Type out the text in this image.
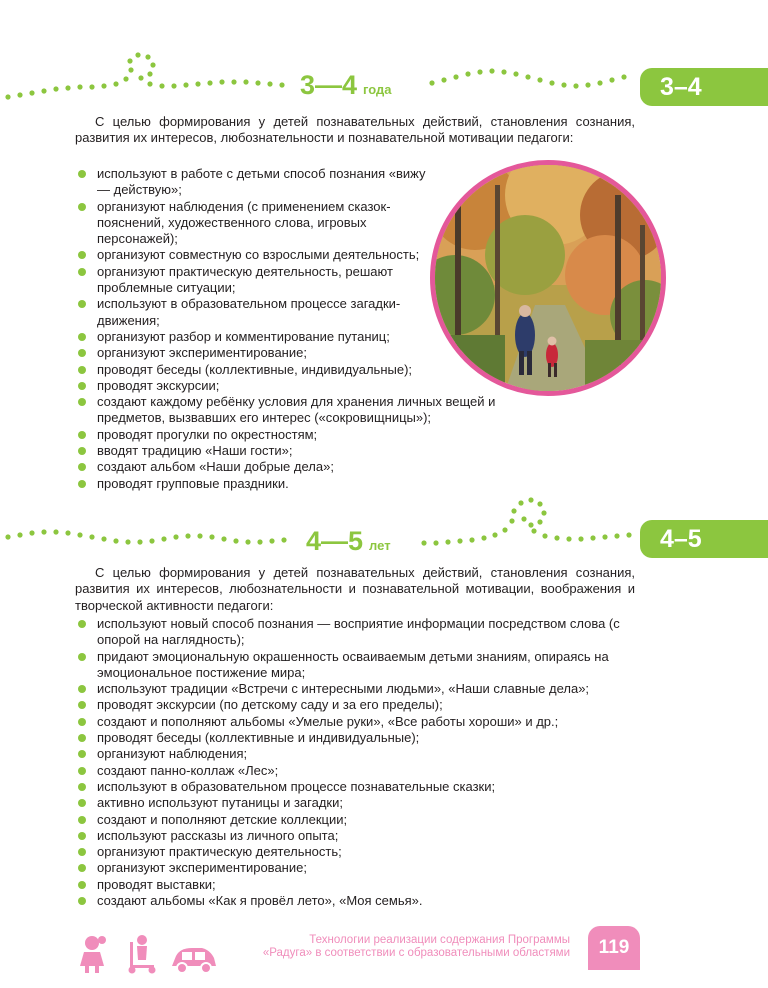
3—4 года	3–4

С целью формирования у детей познавательных действий, становления сознания, развития их интересов, любознательности и познавательной мотивации педагоги:

используют в работе с детьми способ познания «вижу — действую»;
организуют наблюдения (с применением сказок-пояснений, художественного слова, игровых персонажей);
организуют совместную со взрослыми деятельность;
организуют практическую деятельность, решают проблемные ситуации;
используют в образовательном процессе загадки-движения;
организуют разбор и комментирование путаниц;
организуют экспериментирование;
проводят беседы (коллективные, индивидуальные);
проводят экскурсии;
создают каждому ребёнку условия для хранения личных вещей и предметов, вызвавших его интерес («сокровищницы»);
проводят прогулки по окрестностям;
вводят традицию «Наши гости»;
создают альбом «Наши добрые дела»;
проводят групповые праздники.
4—5 лет	4–5

С целью формирования у детей познавательных действий, становления сознания, развития их интересов, любознательности и познавательной мотивации, воображения и творческой активности педагоги:

используют новый способ познания — восприятие информации посредством слова (с опорой на наглядность);
придают эмоциональную окрашенность осваиваемым детьми знаниям, опираясь на эмоциональное постижение мира;
используют традиции «Встречи с интересными людьми», «Наши славные дела»;
проводят экскурсии (по детскому саду и за его пределы);
создают и пополняют альбомы «Умелые руки», «Все работы хороши» и др.;
проводят беседы (коллективные и индивидуальные);
организуют наблюдения;
создают панно-коллаж «Лес»;
используют в образовательном процессе познавательные сказки;
активно используют путаницы и загадки;
создают и пополняют детские коллекции;
используют рассказы из личного опыта;
организуют практическую деятельность;
организуют экспериментирование;
проводят выставки;
создают альбомы «Как я провёл лето», «Моя семья».
Технологии реализации содержания Программы
«Радуга» в соответствии с образовательными областями	119
